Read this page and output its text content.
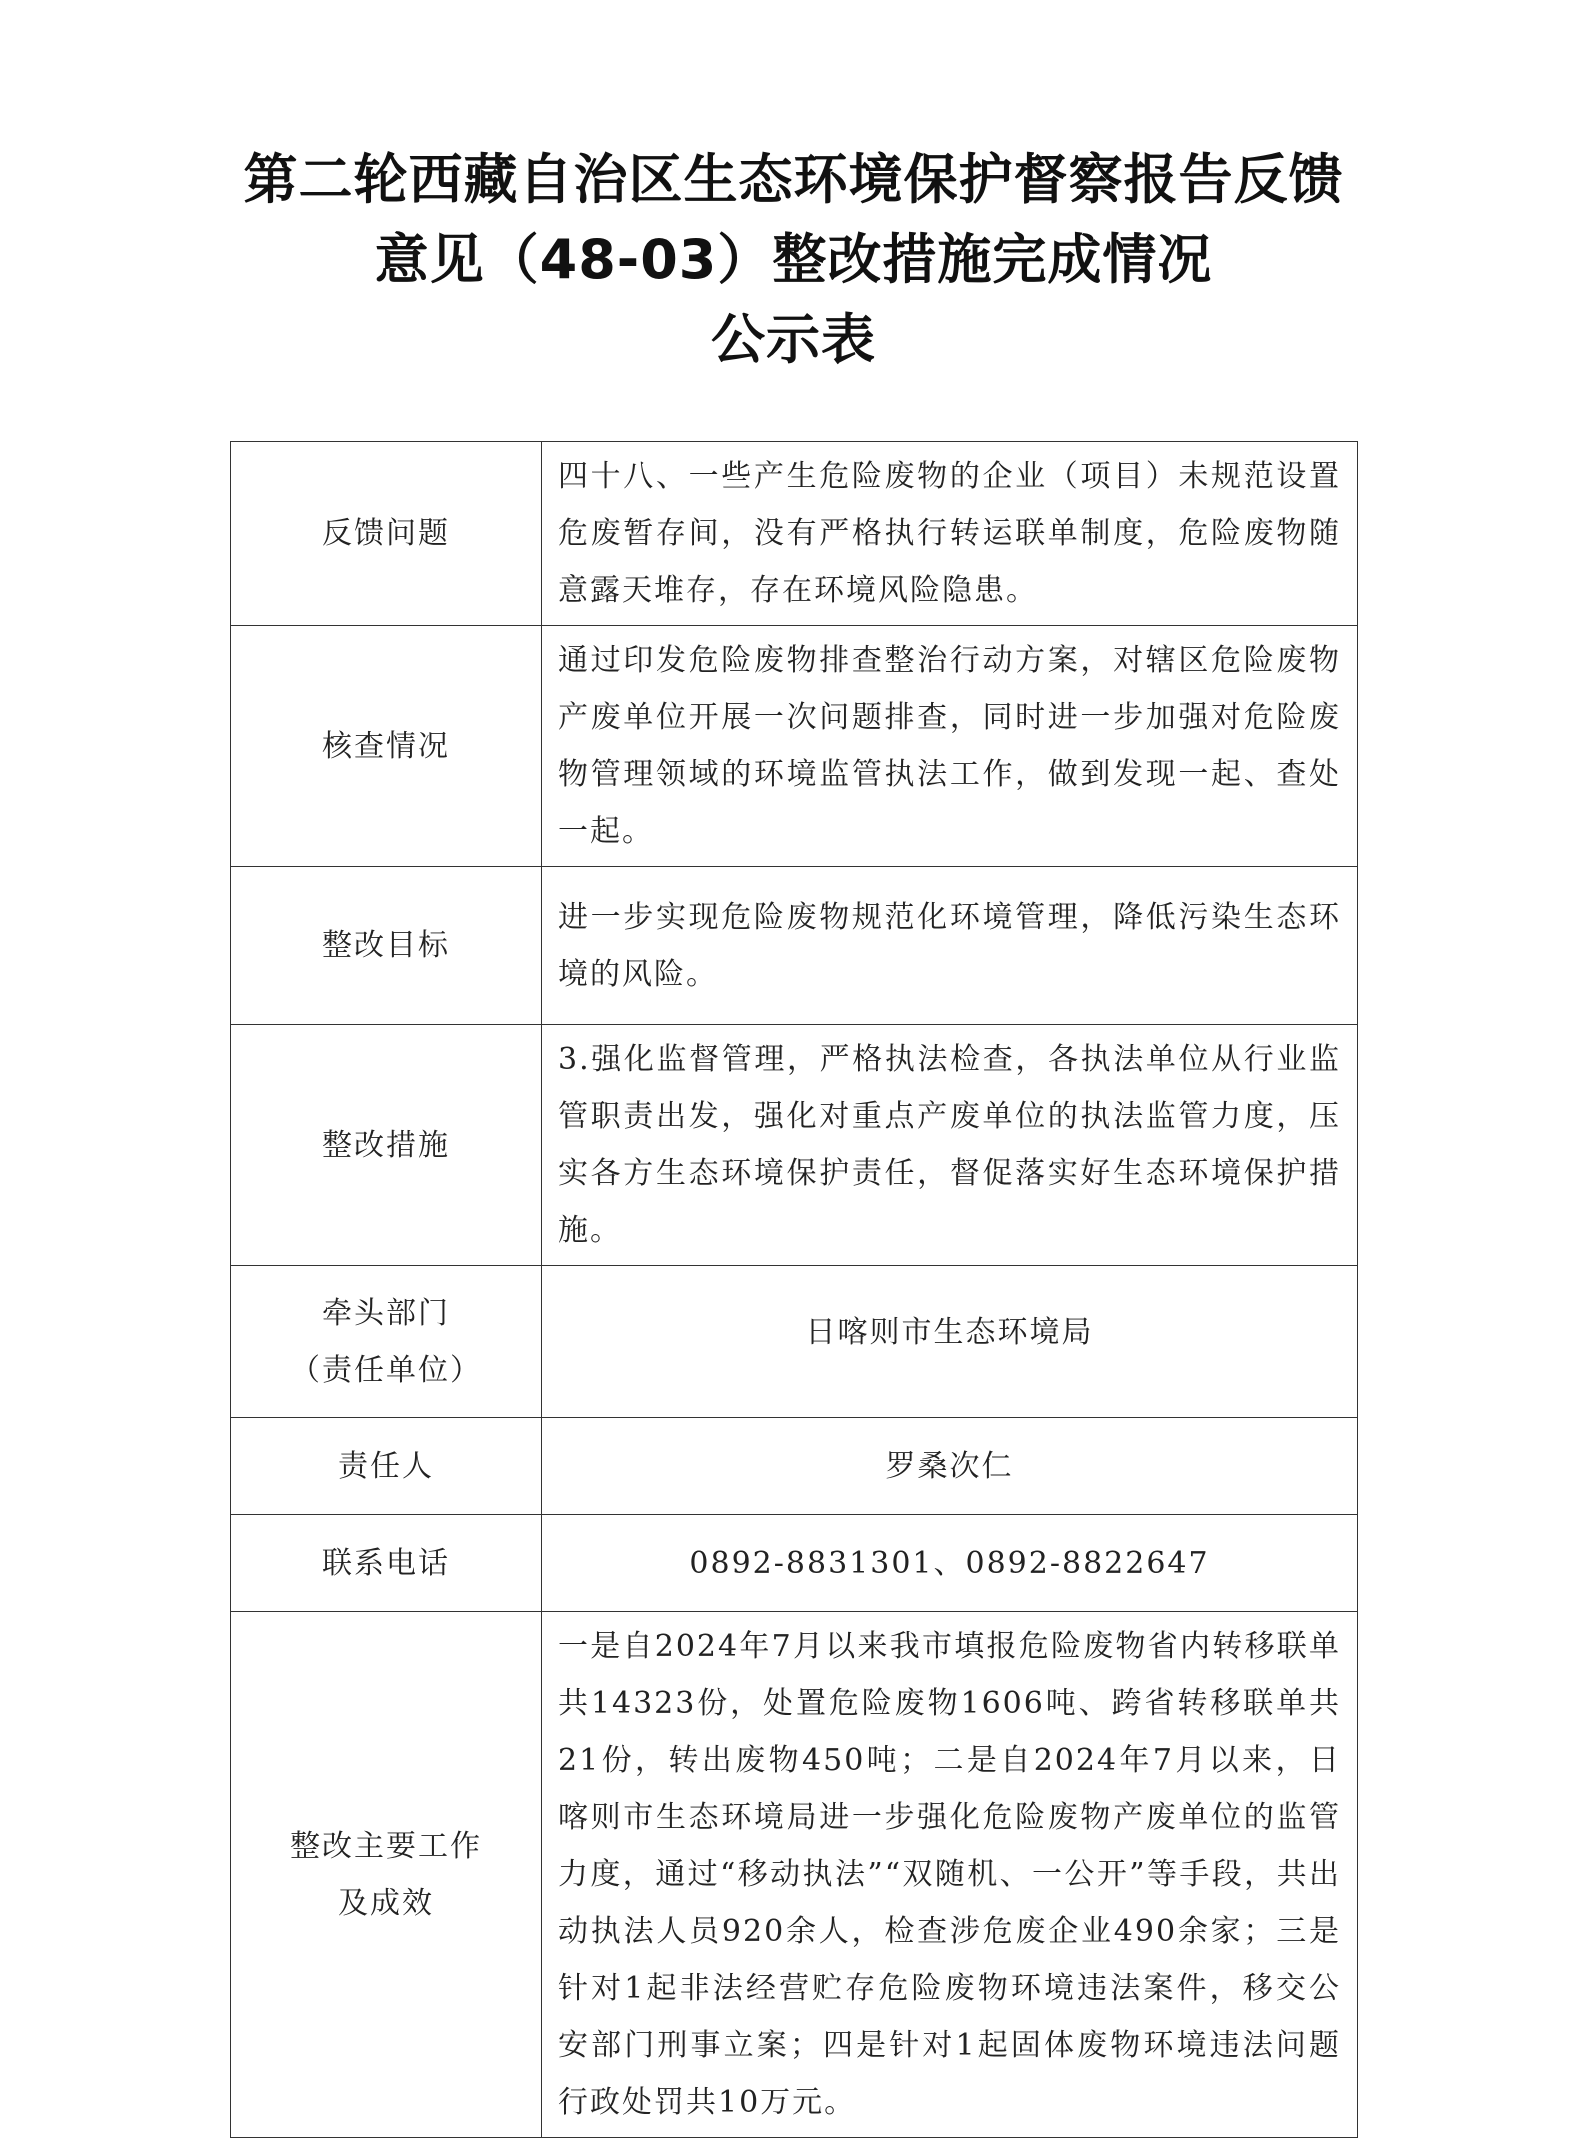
第二轮西藏自治区生态环境保护督察报告反馈
意见（48-03）整改措施完成情况
公示表
反馈问题	四十八、一些产生危险废物的企业（项目）未规范设置危废暂存间，没有严格执行转运联单制度，危险废物随意露天堆存，存在环境风险隐患。
核查情况	通过印发危险废物排查整治行动方案，对辖区危险废物产废单位开展一次问题排查，同时进一步加强对危险废物管理领域的环境监管执法工作，做到发现一起、查处一起。
整改目标	进一步实现危险废物规范化环境管理，降低污染生态环境的风险。
整改措施	3.强化监督管理，严格执法检查，各执法单位从行业监管职责出发，强化对重点产废单位的执法监管力度，压实各方生态环境保护责任，督促落实好生态环境保护措施。

牵头部门
（责任单位）	日喀则市生态环境局
责任人	罗桑次仁
联系电话	0892-8831301、0892-8822647

整改主要工作
及成效	一是自2024年7月以来我市填报危险废物省内转移联单共14323份，处置危险废物1606吨、跨省转移联单共21份，转出废物450吨；二是自2024年7月以来，日喀则市生态环境局进一步强化危险废物产废单位的监管力度，通过“移动执法”“双随机、一公开”等手段，共出动执法人员920余人，检查涉危废企业490余家；三是针对1起非法经营贮存危险废物环境违法案件，移交公安部门刑事立案；四是针对1起固体废物环境违法问题行政处罚共10万元。
